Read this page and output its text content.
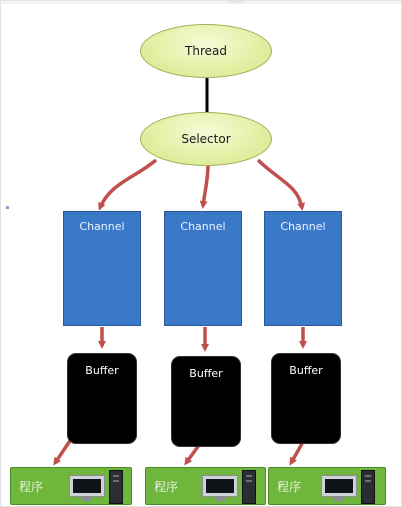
Thread
Selector
Channel	Channel	Channel
Buffer	Buffer	Buffer
程序	程序	程序
